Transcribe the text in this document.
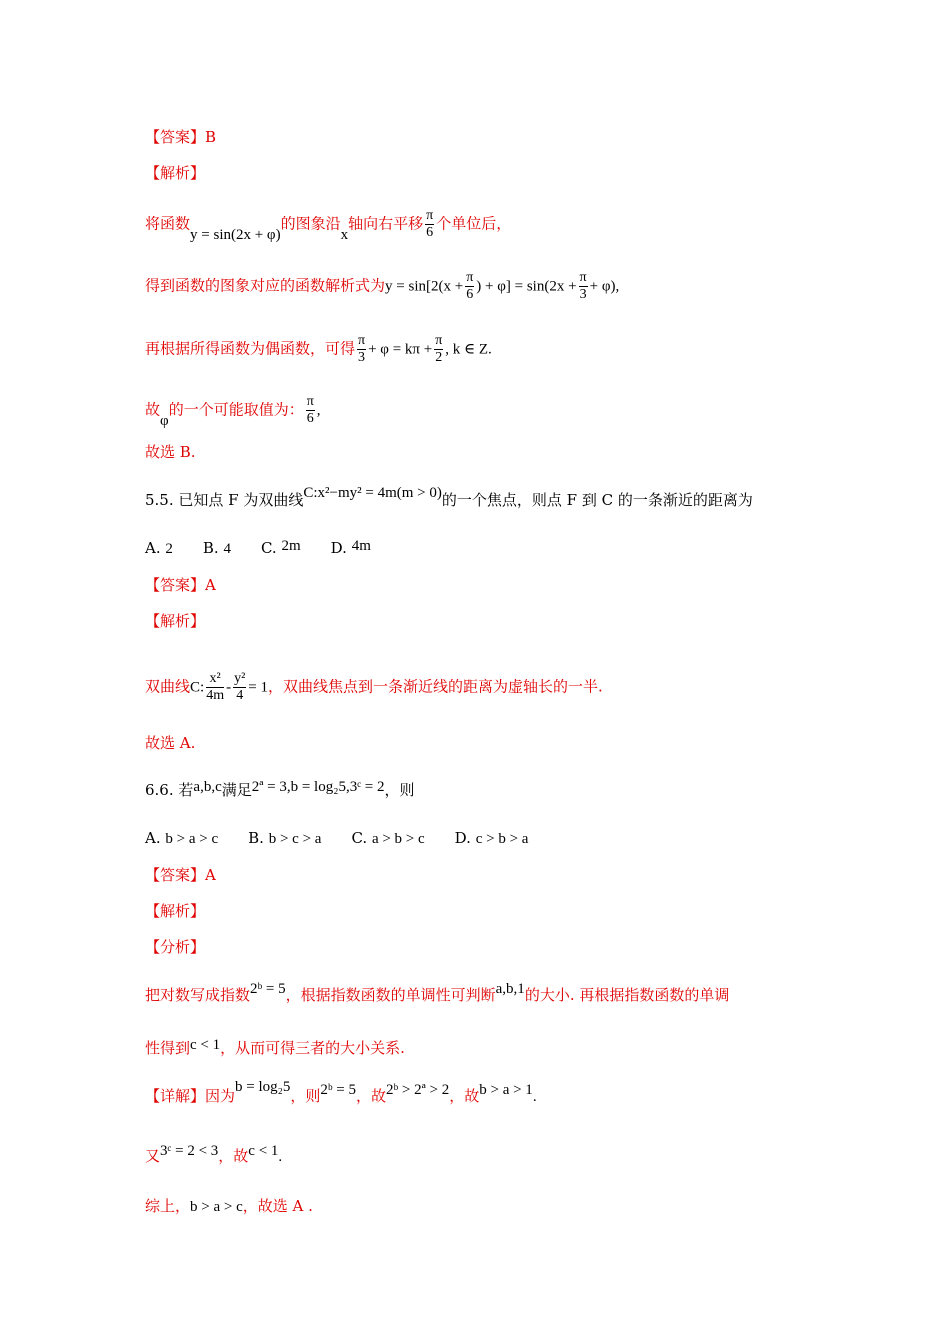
【答案】B
【解析】
将函数y = sin(2x + φ)的图象沿x轴向右平移 $\frac{\pi}{6}$ 个单位后，
得到函数的图象对应的函数解析式为$y = \sin[2(x + \frac{\pi}{6}$ ) + $\varphi] = \sin(2x + \frac{\pi}{3} + \varphi)$,
再根据所得函数为偶函数，可得 $\frac{\pi}{3} + \varphi = k\pi + \frac{\pi}{2}$ , k ∈ Z.
故φ的一个可能取值为： $\frac{\pi}{6}$ ,
故选 B.
5.5. 已知点 F 为双曲线C:x²−my² = 4m(m > 0)的一个焦点，则点 F 到 C 的一条渐近的距离为
A. 2 B. 4 C. 2m D. 4m
【答案】A
【解析】
双曲线C: $\frac{\text{x²}}{4m} - \frac{\text{y²}}{4} = 1$，双曲线焦点到一条渐近线的距离为虚轴长的一半.
故选 A.
6.6. 若a,b,c满足2ª = 3,b = log₂5,3ᶜ = 2，则
A. b > a > c B. b > c > a C. a > b > c D. c > b > a
【答案】A
【解析】
【分析】
把对数写成指数2ᵇ = 5，根据指数函数的单调性可判断a,b,1的大小. 再根据指数函数的单调
性得到c < 1，从而可得三者的大小关系.
【详解】因为b = log₂5，则2ᵇ = 5，故2ᵇ > 2ª > 2，故b > a > 1.
又3ᶜ = 2 < 3，故c < 1.
综上，b > a > c，故选 A .
